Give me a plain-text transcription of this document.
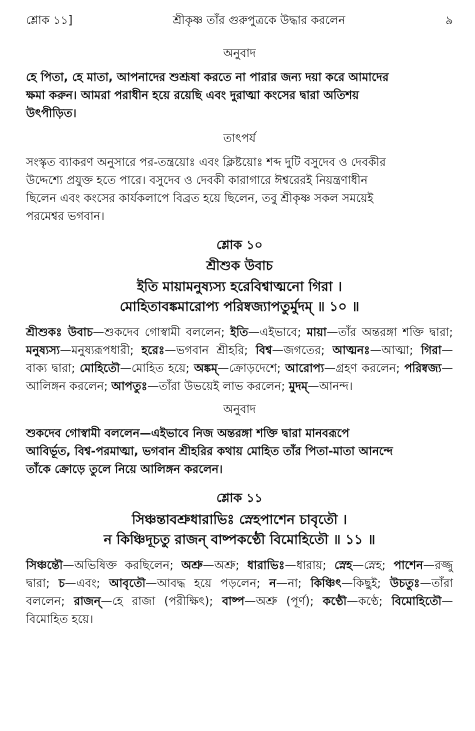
শ্লোক ১১]	শ্রীকৃষ্ণ তাঁর গুরুপুত্রকে উদ্ধার করলেন	৯

অনুবাদ

হে পিতা, হে মাতা, আপনাদের শুশ্রূষা করতে না পারার জন্য দয়া করে আমাদের
ক্ষমা করুন। আমরা পরাধীন হয়ে রয়েছি এবং দুরাত্মা কংসের দ্বারা অতিশয়
উৎপীড়িত।

তাৎপর্য

সংস্কৃত ব্যাকরণ অনুসারে পর-তন্ত্রয়োঃ এবং ক্লিষ্টয়োঃ শব্দ দুটি বসুদেব ও দেবকীর
উদ্দেশ্যে প্রযুক্ত হতে পারে। বসুদেব ও দেবকী কারাগারে ঈশ্বরেরই নিয়ন্ত্রণাধীন
ছিলেন এবং কংসের কার্যকলাপে বিব্রত হয়ে ছিলেন, তবু শ্রীকৃষ্ণ সকল সময়েই
পরমেশ্বর ভগবান।

শ্লোক ১০

শ্রীশুক উবাচ

ইতি মায়ামনুষ্যস্য হরেবিশ্বাত্মনো গিরা ।

মোহিতাবঙ্কমারোপ্য পরিষ্বজ্যাপতুর্মুদম্ ॥ ১০ ॥

শ্রীশুকঃ উবাচ—শুকদেব গোস্বামী বললেন; ইতি—এইভাবে; মায়া—তাঁর অন্তরঙ্গা শক্তি দ্বারা; মনুষ্যস্য—মনুষ্যরূপধারী; হরেঃ—ভগবান শ্রীহরি; বিশ্ব—জগতের; আত্মনঃ—আত্মা; গিরা—বাক্য দ্বারা; মোহিতৌ—মোহিত হয়ে; অঙ্কম্—ক্রোড়দেশে; আরোপ্য—গ্রহণ করলেন; পরিষ্বজ্য—আলিঙ্গন করলেন; আপতুঃ—তাঁরা উভয়েই লাভ করলেন; মুদম্—আনন্দ।

অনুবাদ

শুকদেব গোস্বামী বললেন—এইভাবে নিজ অন্তরঙ্গা শক্তি দ্বারা মানবরূপে
আবির্ভূত, বিশ্ব-পরমাত্মা, ভগবান শ্রীহরির কথায় মোহিত তাঁর পিতা-মাতা আনন্দে
তাঁকে ক্রোড়ে তুলে নিয়ে আলিঙ্গন করলেন।

শ্লোক ১১

সিঞ্চন্তাবশ্রুধারাভিঃ স্নেহপাশেন চাবৃতৌ ।

ন কিঞ্চিদূচতু রাজন্ বাষ্পকণ্ঠৌ বিমোহিতৌ ॥ ১১ ॥

সিঞ্চন্তৌ—অভিষিক্ত করছিলেন; অশ্রু—অশ্রু; ধারাভিঃ—ধারায়; স্নেহ—স্নেহ; পাশেন—রজ্জু দ্বারা; চ—এবং; আবৃতৌ—আবদ্ধ হয়ে পড়লেন; ন—না; কিঞ্চিৎ—কিছুই; উচতুঃ—তাঁরা বললেন; রাজন্—হে রাজা (পরীক্ষিৎ); বাষ্প—অশ্রু (পূর্ণ); কণ্ঠৌ—কণ্ঠে; বিমোহিতৌ—বিমোহিত হয়ে।
